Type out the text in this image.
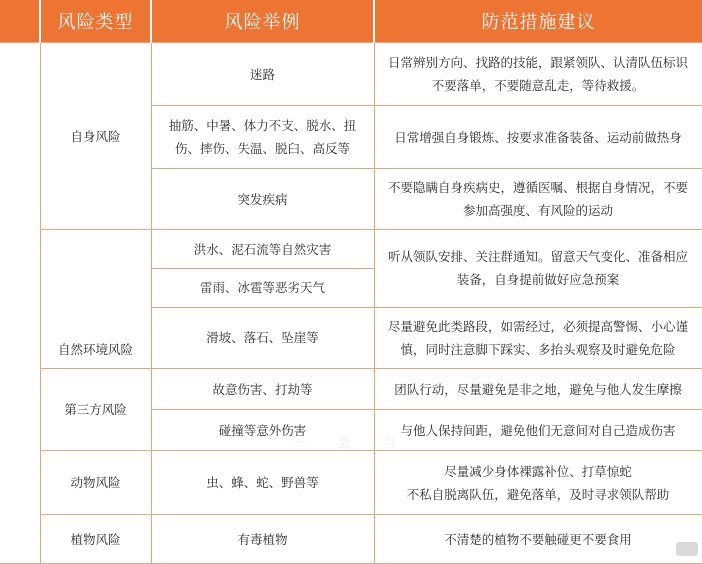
一 会 当
	风险类型	风险举例	防范措施建议
	自身风险	迷路	日常辨别方向、找路的技能，跟紧领队、认清队伍标识不要落单，不要随意乱走，等待救援。
		抽筋、中暑、体力不支、脱水、扭伤、摔伤、失温、脱臼、高反等	日常增强自身锻炼、按要求准备装备、运动前做热身
		突发疾病	不要隐瞒自身疾病史，遵循医嘱、根据自身情况，不要参加高强度、有风险的运动
	自然环境风险	洪水、泥石流等自然灾害	听从领队安排、关注群通知。留意天气变化、准备相应装备，自身提前做好应急预案
		雷雨、冰雹等恶劣天气	
		滑坡、落石、坠崖等	尽量避免此类路段，如需经过，必须提高警惕、小心谨慎，同时注意脚下踩实、多抬头观察及时避免危险
	第三方风险	故意伤害、打劫等	团队行动，尽量避免是非之地，避免与他人发生摩擦
		碰撞等意外伤害	与他人保持间距，避免他们无意间对自己造成伤害
	动物风险	虫、蜂、蛇、野兽等	尽量减少身体裸露补位、打草惊蛇
不私自脱离队伍，避免落单，及时寻求领队帮助
	植物风险	有毒植物	不清楚的植物不要触碰更不要食用
